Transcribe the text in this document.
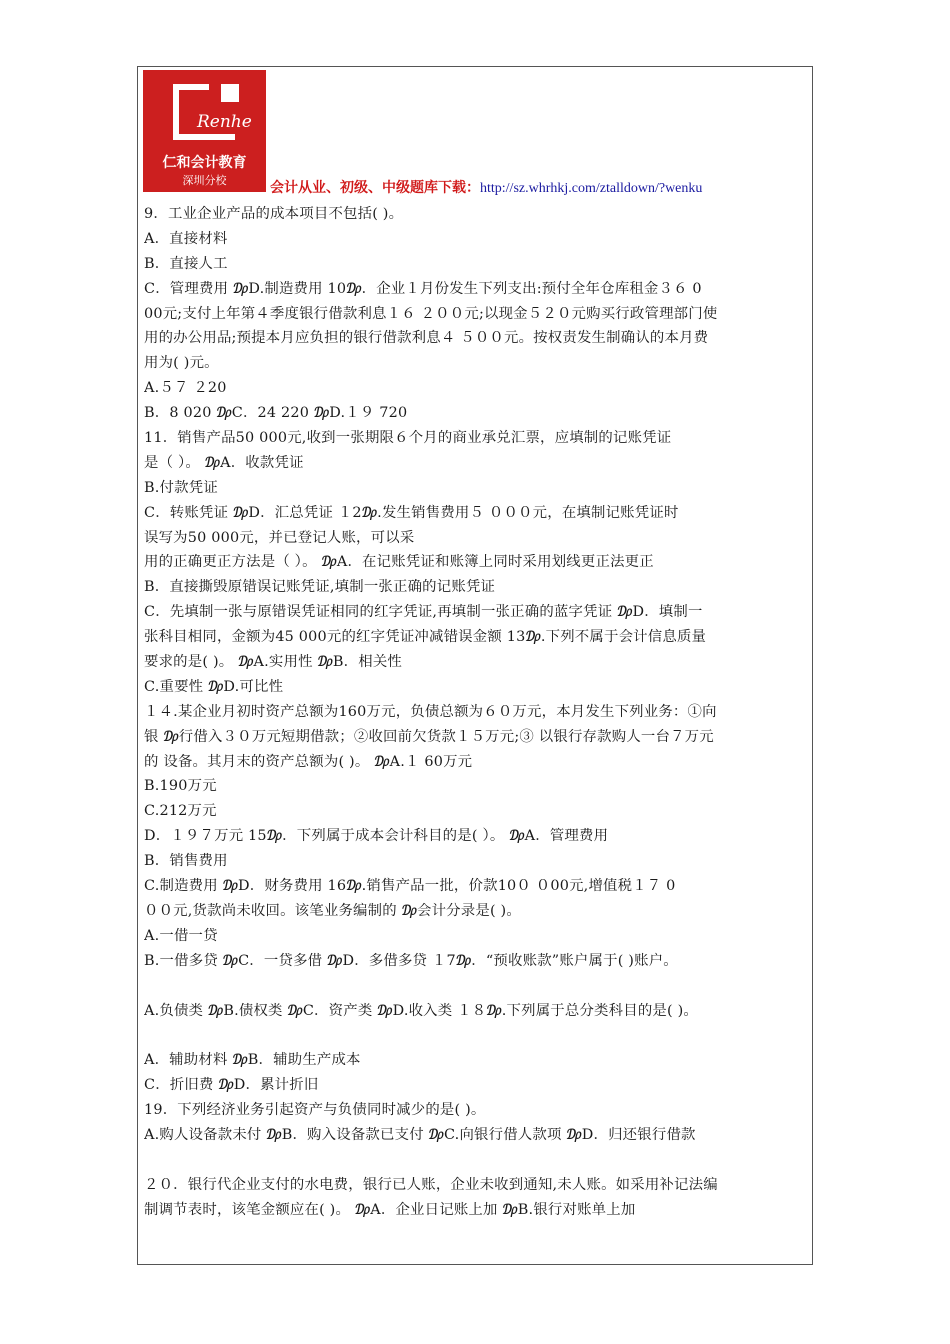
Renhe
仁和会计教育
深圳分校	会计从业、初级、中级题库下载：http://sz.whrhkj.com/ztalldown/?wenku
9．工业企业产品的成本项目不包括( )。
A．直接材料
B．直接人工
C．管理费用 ₯D.制造费用 10₯．企业１月份发生下列支出:预付全年仓库租金３６ 0
00元;支付上年第４季度银行借款利息１６ ２００元;以现金５２０元购买行政管理部门使
用的办公用品;预提本月应负担的银行借款利息４ ５００元。按权责发生制确认的本月费
用为( )元。
A.５７ ２20
B．8 020 ₯C．24 220 ₯D.１９ 720
11．销售产品50 000元,收到一张期限６个月的商业承兑汇票，应填制的记账凭证
是（ ）。 ₯A．收款凭证
B.付款凭证
C．转账凭证 ₯D．汇总凭证 １2₯.发生销售费用５ ０００元，在填制记账凭证时
误写为50 000元，并已登记人账，可以采
用的正确更正方法是（ ）。 ₯A．在记账凭证和账簿上同时采用划线更正法更正
B．直接撕毁原错误记账凭证,填制一张正确的记账凭证
C．先填制一张与原错误凭证相同的红字凭证,再填制一张正确的蓝字凭证 ₯D．填制一
张科目相同，金额为45 000元的红字凭证冲减错误金额 13₯.下列不属于会计信息质量
要求的是( )。 ₯A.实用性 ₯B．相关性
C.重要性 ₯D.可比性
１４.某企业月初时资产总额为160万元，负债总额为６０万元，本月发生下列业务：①向
银 ₯行借入３０万元短期借款；②收回前欠货款１５万元;③ 以银行存款购人一台７万元
的 设备。其月末的资产总额为( )。 ₯A.１ 60万元
B.190万元
C.212万元
D．１９７万元 15₯．下列属于成本会计科目的是( ）。 ₯A．管理费用
B．销售费用
C.制造费用 ₯D．财务费用 16₯.销售产品一批，价款10０ ０00元,增值税１７ 0
００元,货款尚未收回。该笔业务编制的 ₯会计分录是( )。
A.一借一贷
B.一借多贷 ₯C．一贷多借 ₯D．多借多贷 １7₯．“预收账款”账户属于( )账户。
A.负债类 ₯B.债权类 ₯C．资产类 ₯D.收入类 １８₯.下列属于总分类科目的是( )。
A．辅助材料 ₯B．辅助生产成本
C．折旧费 ₯D．累计折旧
19．下列经济业务引起资产与负债同时减少的是( )。
A.购人设备款未付 ₯B．购入设备款已支付 ₯C.向银行借人款项 ₯D．归还银行借款
２０．银行代企业支付的水电费，银行已人账，企业未收到通知,未人账。如采用补记法编
制调节表时，该笔金额应在( )。 ₯A．企业日记账上加 ₯B.银行对账单上加
